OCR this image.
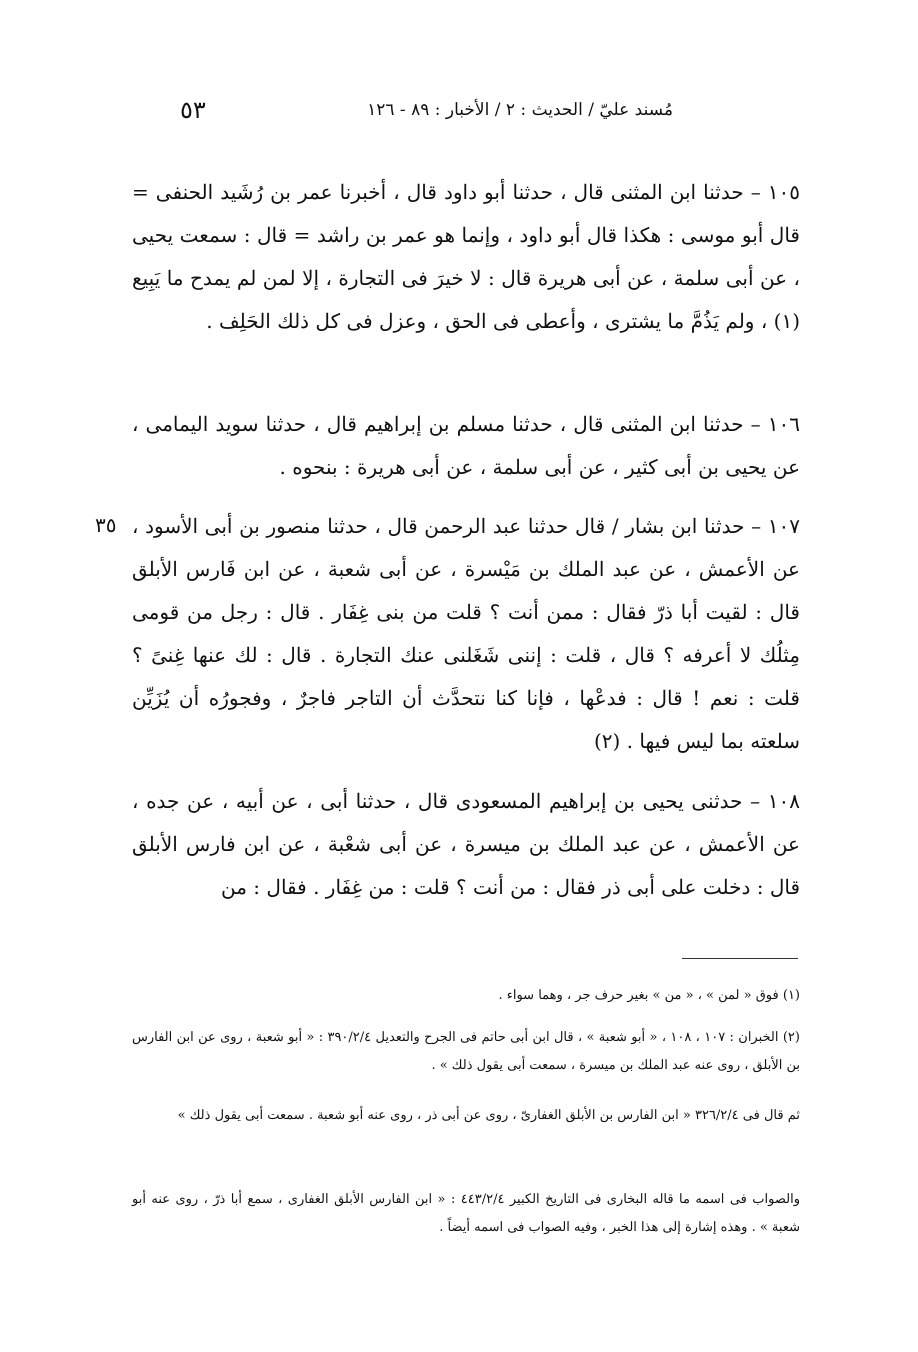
مُسند عليّ / الحديث : ٢ / الأخبار : ٨٩ - ١٢٦
٥٣
١٠٥ – حدثنا ابن المثنى قال ، حدثنا أبو داود قال ، أخبرنا عمر بن رُشَيد الحنفى = قال أبو موسى : هكذا قال أبو داود ، وإنما هو عمر بن راشد = قال : سمعت يحيى ، عن أبى سلمة ، عن أبى هريرة قال : لا خيرَ فى التجارة ، إلا لمن لم يمدح ما يَبِيع (١) ، ولم يَذُمَّ ما يشترى ، وأعطى فى الحق ، وعزل فى كل ذلك الحَلِف .
١٠٦ – حدثنا ابن المثنى قال ، حدثنا مسلم بن إبراهيم قال ، حدثنا سويد اليمامى ، عن يحيى بن أبى كثير ، عن أبى سلمة ، عن أبى هريرة : بنحوه .
١٠٧ – حدثنا ابن بشار / قال حدثنا عبد الرحمن قال ، حدثنا منصور بن أبى الأسود ، عن الأعمش ، عن عبد الملك بن مَيْسرة ، عن أبى شعبة ، عن ابن فَارس الأبلق قال : لقيت أبا ذرّ فقال : ممن أنت ؟ قلت من بنى غِفَار . قال : رجل من قومى مِثلُك لا أعرفه ؟ قال ، قلت : إننى شَغَلنى عنك التجارة . قال : لك عنها غِنىً ؟ قلت : نعم ! قال : فدعْها ، فإنا كنا نتحدَّث أن التاجر فاجرٌ ، وفجورُه أن يُزَيِّن سلعته بما ليس فيها . (٢)
١٠٨ – حدثنى يحيى بن إبراهيم المسعودى قال ، حدثنا أبى ، عن أبيه ، عن جده ، عن الأعمش ، عن عبد الملك بن ميسرة ، عن أبى شعْبة ، عن ابن فارس الأبلق قال : دخلت على أبى ذر فقال : من أنت ؟ قلت : من غِفَار . فقال : من
٣٥
(١) فوق « لمن » ، « من » بغير حرف جر ، وهما سواء .
(٢) الخبران : ١٠٧ ، ١٠٨ ، « أبو شعبة » ، قال ابن أبى حاتم فى الجرح والتعديل ٣٩٠/٢/٤ : « أبو شعبة ، روى عن ابن الفارس بن الأبلق ، روى عنه عبد الملك بن ميسرة ، سمعت أبى يقول ذلك » .
ثم قال فى ٣٢٦/٢/٤ « ابن الفارس بن الأبلق الغفارىّ ، روى عن أبى ذر ، روى عنه أبو شعبة . سمعت أبى يقول ذلك »
والصواب فى اسمه ما قاله البخارى فى التاريخ الكبير ٤٤٣/٢/٤ : « ابن الفارس الأبلق الغفارى ، سمع أبا ذرّ ، روى عنه أبو شعبة » . وهذه إشارة إلى هذا الخبر ، وفيه الصواب فى اسمه أيضاً .
